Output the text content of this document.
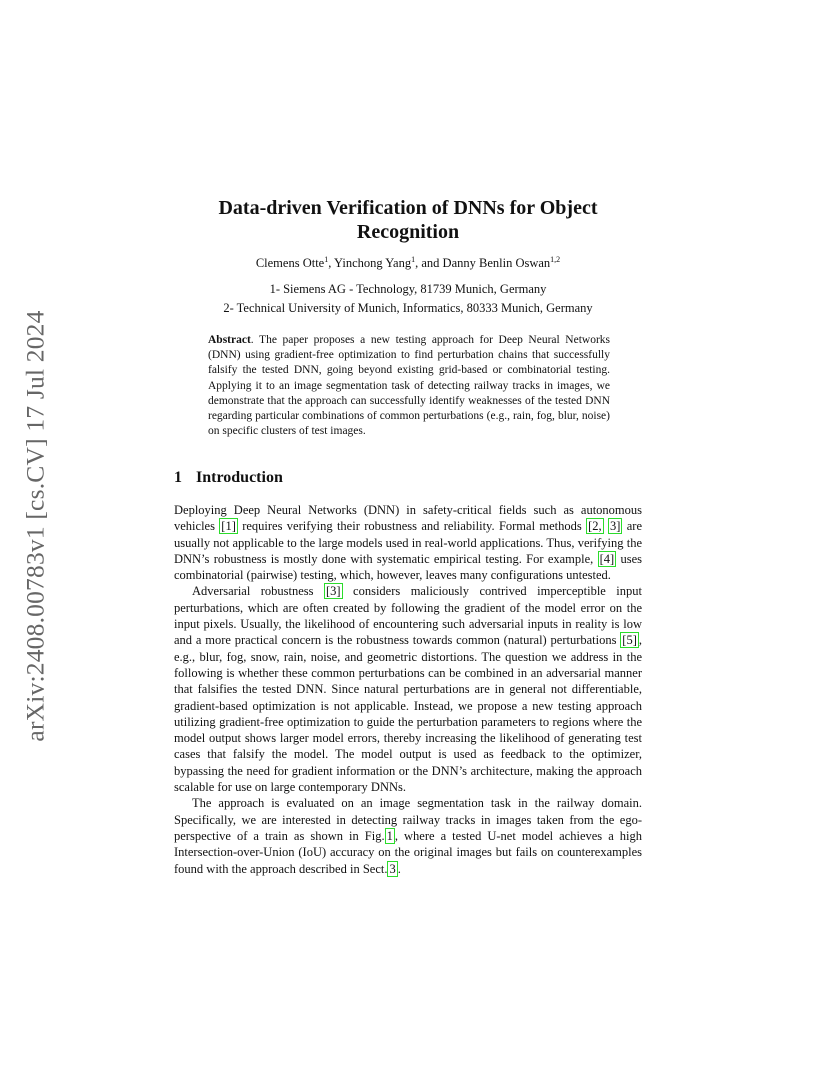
arXiv:2408.00783v1 [cs.CV] 17 Jul 2024
Data-driven Verification of DNNs for Object Recognition
Clemens Otte$^1$, Yinchong Yang$^1$, and Danny Benlin Oswan$^{1,2}$
1- Siemens AG - Technology, 81739 Munich, Germany
2- Technical University of Munich, Informatics, 80333 Munich, Germany
Abstract. The paper proposes a new testing approach for Deep Neural Networks (DNN) using gradient-free optimization to find perturbation chains that successfully falsify the tested DNN, going beyond existing grid-based or combinatorial testing. Applying it to an image segmentation task of detecting railway tracks in images, we demonstrate that the approach can successfully identify weaknesses of the tested DNN regarding particular combinations of common perturbations (e.g., rain, fog, blur, noise) on specific clusters of test images.
1 Introduction

Deploying Deep Neural Networks (DNN) in safety-critical fields such as autonomous vehicles [1] requires verifying their robustness and reliability. Formal methods [2, 3] are usually not applicable to the large models used in real-world applications. Thus, verifying the DNN’s robustness is mostly done with systematic empirical testing. For example, [4] uses combinatorial (pairwise) testing, which, however, leaves many configurations untested.

Adversarial robustness [3] considers maliciously contrived imperceptible input perturbations, which are often created by following the gradient of the model error on the input pixels. Usually, the likelihood of encountering such adversarial inputs in reality is low and a more practical concern is the robustness towards common (natural) perturbations [5] , e.g., blur, fog, snow, rain, noise, and geometric distortions. The question we address in the following is whether these common perturbations can be combined in an adversarial manner that falsifies the tested DNN. Since natural perturbations are in general not differentiable, gradient-based optimization is not applicable. Instead, we propose a new testing approach utilizing gradient-free optimization to guide the perturbation parameters to regions where the model output shows larger model errors, thereby increasing the likelihood of generating test cases that falsify the model. The model output is used as feedback to the optimizer, bypassing the need for gradient information or the DNN’s architecture, making the approach scalable for use on large contemporary DNNs.

The approach is evaluated on an image segmentation task in the railway domain. Specifically, we are interested in detecting railway tracks in images taken from the ego-perspective of a train as shown in Fig. 1 , where a tested U-net model achieves a high Intersection-over-Union (IoU) accuracy on the original images but fails on counterexamples found with the approach described in Sect. 3 .
